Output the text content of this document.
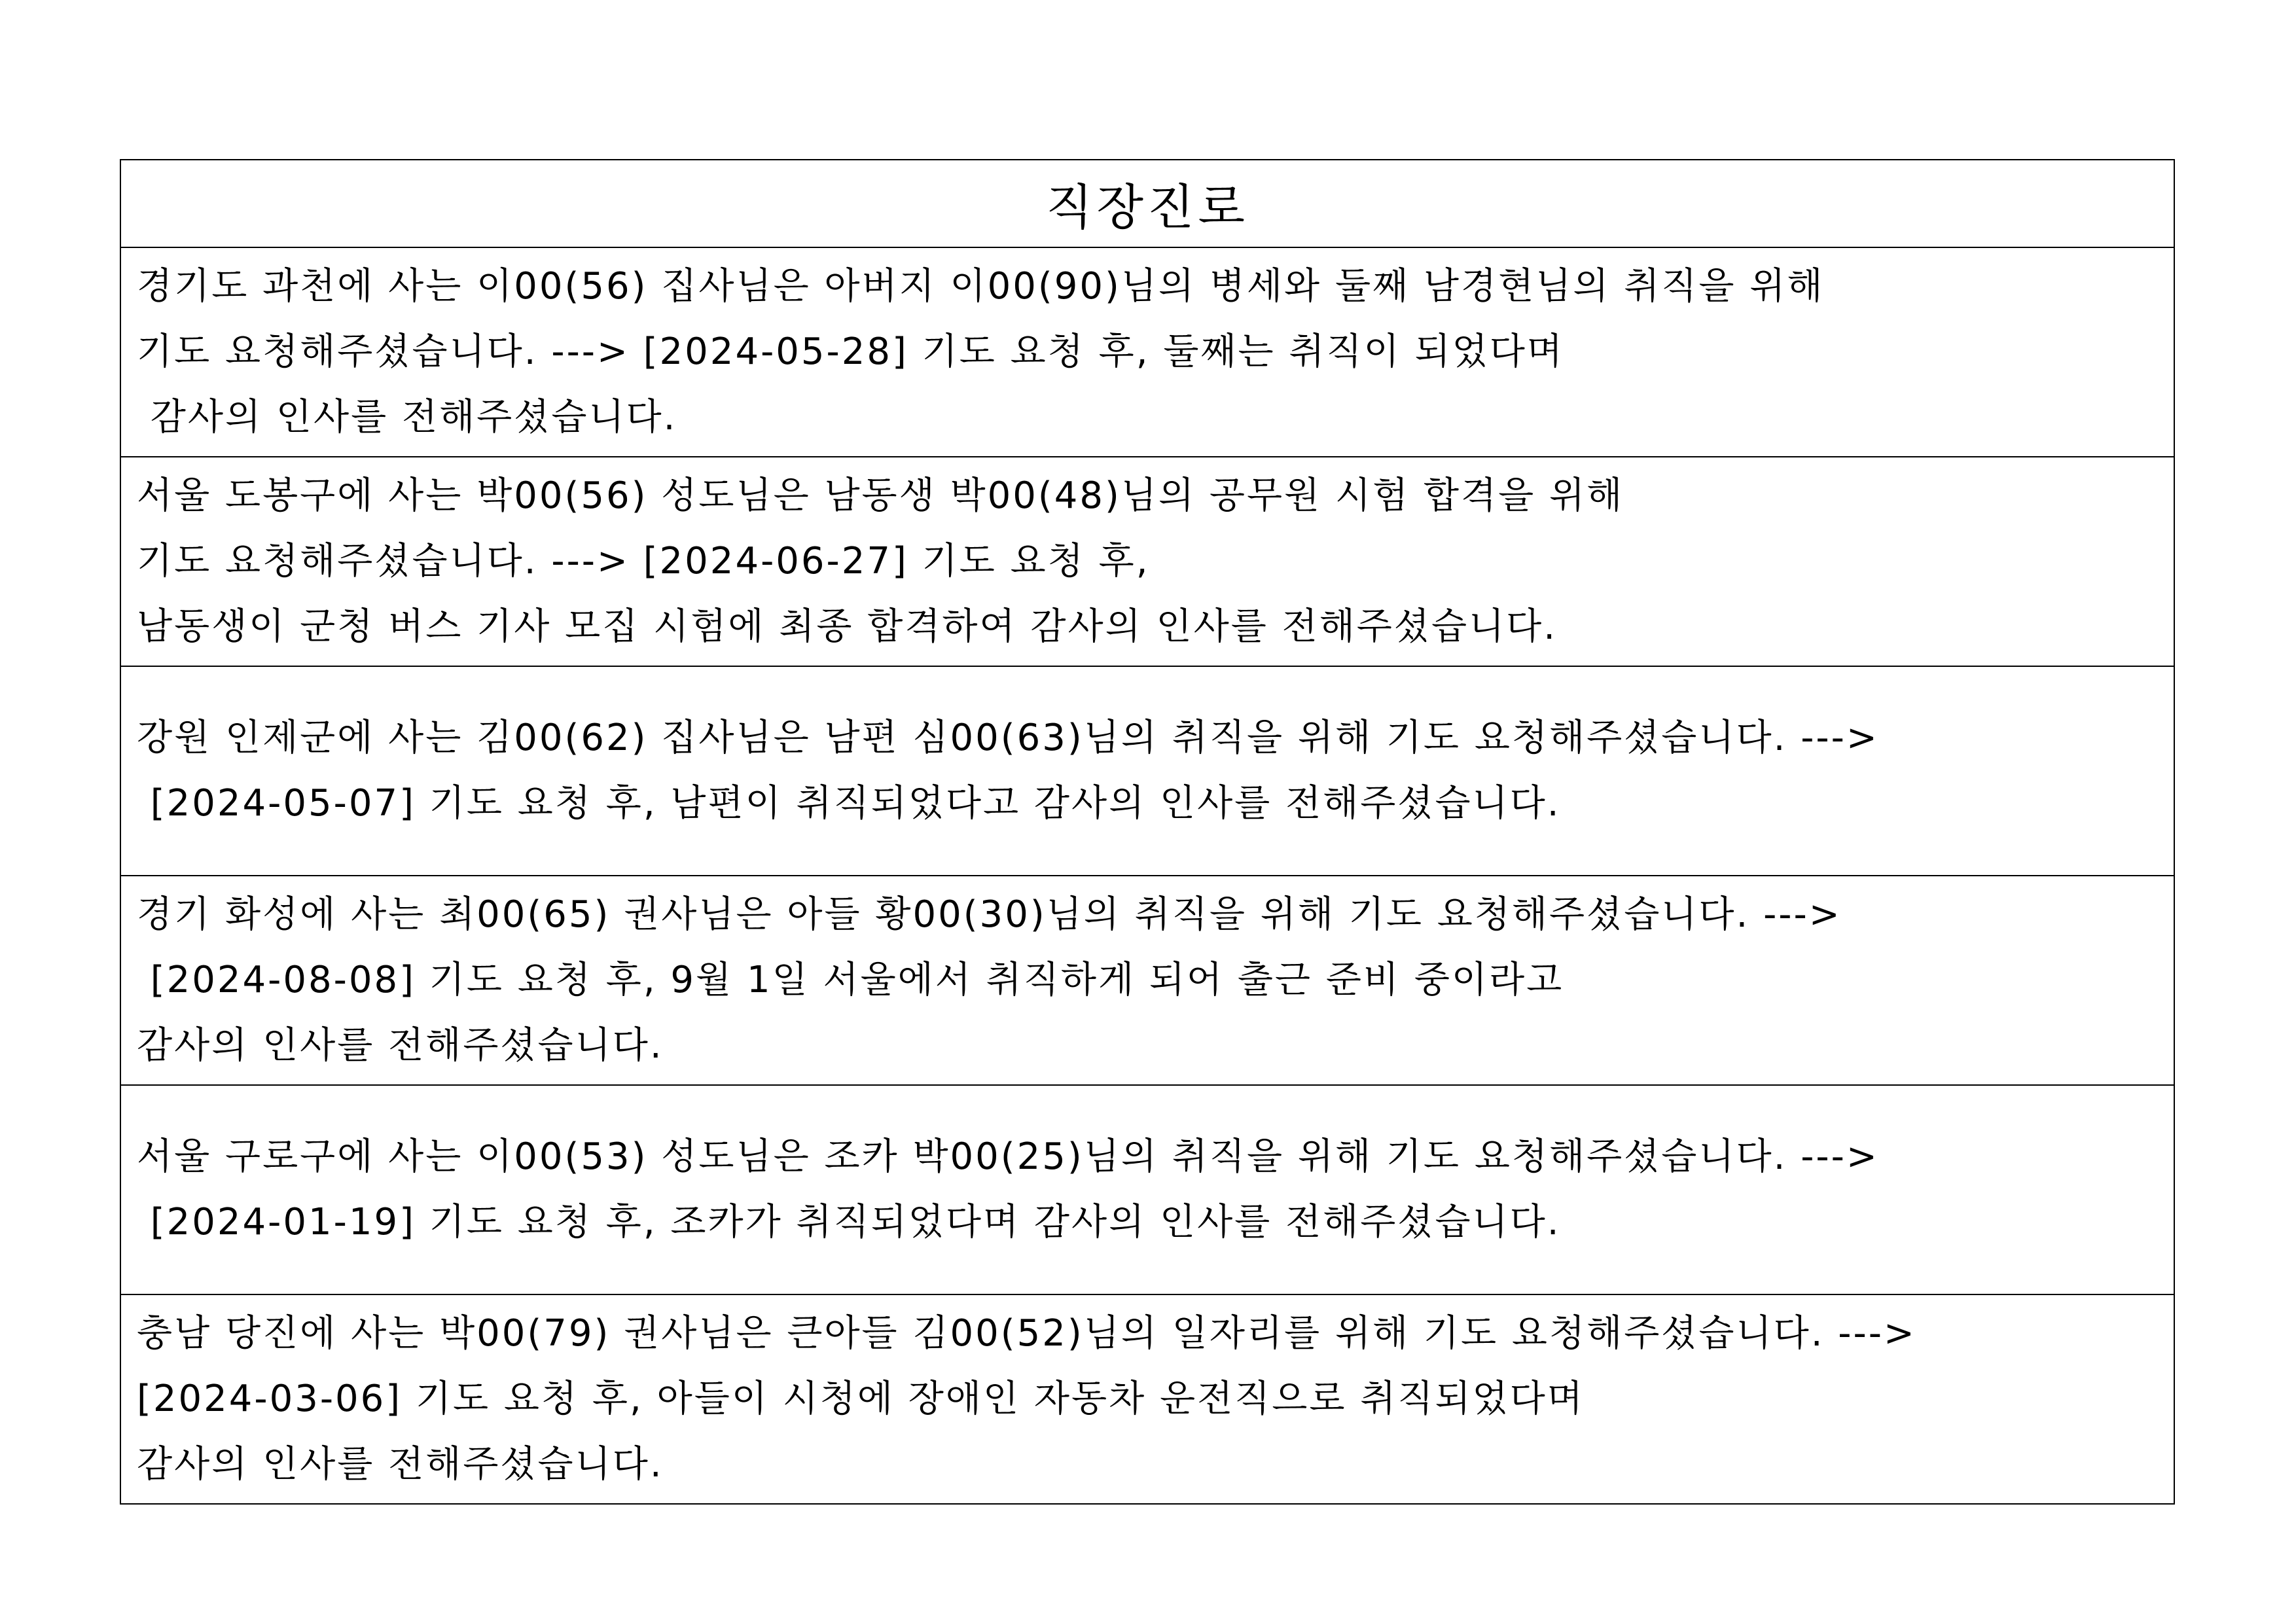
직장진로

경기도 과천에 사는 이00(56) 집사님은 아버지 이00(90)님의 병세와 둘째 남경현님의 취직을 위해
기도 요청해주셨습니다. ---> [2024-05-28] 기도 요청 후, 둘째는 취직이 되었다며
감사의 인사를 전해주셨습니다.

서울 도봉구에 사는 박00(56) 성도님은 남동생 박00(48)님의 공무원 시험 합격을 위해
기도 요청해주셨습니다. ---> [2024-06-27] 기도 요청 후,
남동생이 군청 버스 기사 모집 시험에 최종 합격하여 감사의 인사를 전해주셨습니다.

강원 인제군에 사는 김00(62) 집사님은 남편 심00(63)님의 취직을 위해 기도 요청해주셨습니다. --->
[2024-05-07] 기도 요청 후, 남편이 취직되었다고 감사의 인사를 전해주셨습니다.

경기 화성에 사는 최00(65) 권사님은 아들 황00(30)님의 취직을 위해 기도 요청해주셨습니다. --->
[2024-08-08] 기도 요청 후, 9월 1일 서울에서 취직하게 되어 출근 준비 중이라고
감사의 인사를 전해주셨습니다.

서울 구로구에 사는 이00(53) 성도님은 조카 박00(25)님의 취직을 위해 기도 요청해주셨습니다. --->
[2024-01-19] 기도 요청 후, 조카가 취직되었다며 감사의 인사를 전해주셨습니다.

충남 당진에 사는 박00(79) 권사님은 큰아들 김00(52)님의 일자리를 위해 기도 요청해주셨습니다. --->
[2024-03-06] 기도 요청 후, 아들이 시청에 장애인 자동차 운전직으로 취직되었다며
감사의 인사를 전해주셨습니다.
